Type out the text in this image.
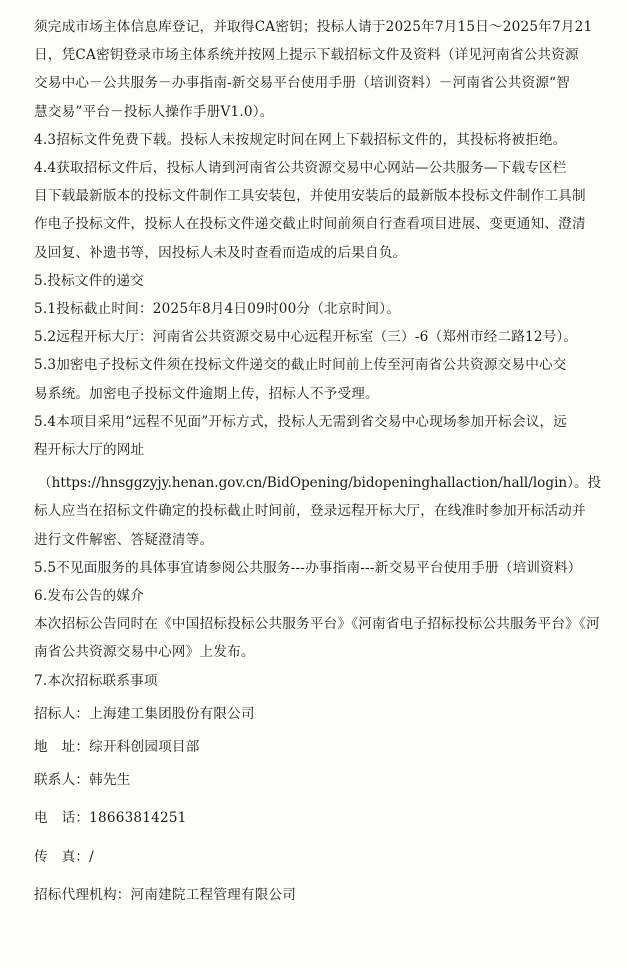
须完成市场主体信息库登记，并取得CA密钥；投标人请于2025年7月15日～2025年7月21
日，凭CA密钥登录市场主体系统并按网上提示下载招标文件及资料（详见河南省公共资源
交易中心－公共服务－办事指南-新交易平台使用手册（培训资料）－河南省公共资源“智
慧交易”平台－投标人操作手册V1.0）。
4.3招标文件免费下载。投标人未按规定时间在网上下载招标文件的，其投标将被拒绝。
4.4获取招标文件后，投标人请到河南省公共资源交易中心网站—公共服务—下载专区栏
目下载最新版本的投标文件制作工具安装包，并使用安装后的最新版本投标文件制作工具制
作电子投标文件，投标人在投标文件递交截止时间前须自行查看项目进展、变更通知、澄清
及回复、补遗书等，因投标人未及时查看而造成的后果自负。
5.投标文件的递交
5.1投标截止时间：2025年8月4日09时00分（北京时间）。
5.2远程开标大厅：河南省公共资源交易中心远程开标室（三）-6（郑州市经二路12号）。
5.3加密电子投标文件须在投标文件递交的截止时间前上传至河南省公共资源交易中心交
易系统。加密电子投标文件逾期上传，招标人不予受理。
5.4本项目采用“远程不见面”开标方式，投标人无需到省交易中心现场参加开标会议，远
程开标大厅的网址
（https://hnsggzyjy.henan.gov.cn/BidOpening/bidopeninghallaction/hall/login）。投
标人应当在招标文件确定的投标截止时间前，登录远程开标大厅，在线准时参加开标活动并
进行文件解密、答疑澄清等。
5.5不见面服务的具体事宜请参阅公共服务---办事指南---新交易平台使用手册（培训资料）
6.发布公告的媒介
本次招标公告同时在《中国招标投标公共服务平台》《河南省电子招标投标公共服务平台》《河
南省公共资源交易中心网》上发布。
7.本次招标联系事项
招标人：上海建工集团股份有限公司
地　址：综开科创园项目部
联系人：韩先生
电　话：18663814251
传　真：/
招标代理机构：河南建院工程管理有限公司
